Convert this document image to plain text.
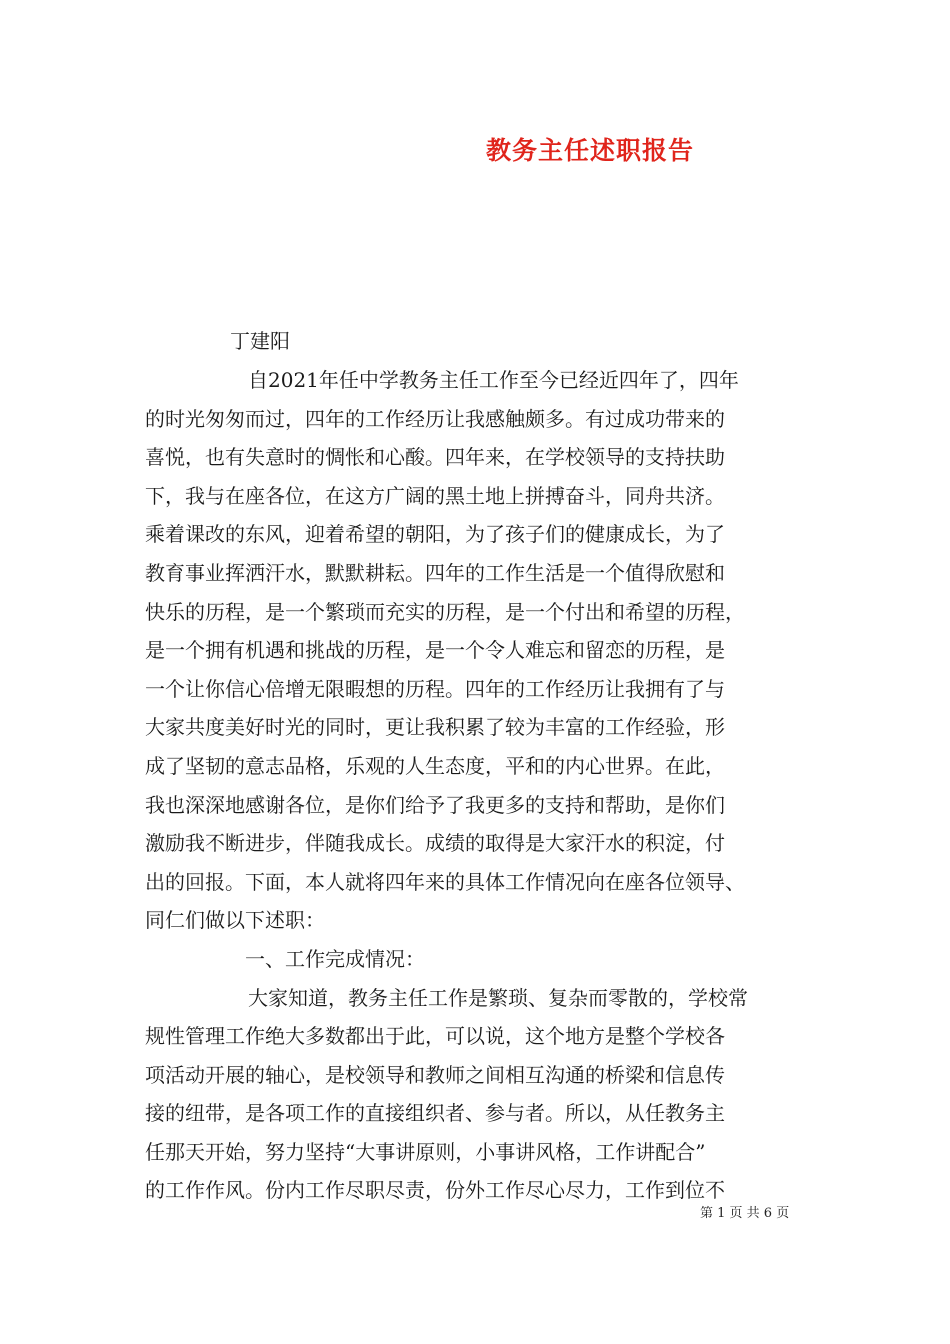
教务主任述职报告
丁建阳
自2021年任中学教务主任工作至今已经近四年了，四年
的时光匆匆而过，四年的工作经历让我感触颇多。有过成功带来的
喜悦，也有失意时的惆怅和心酸。四年来，在学校领导的支持扶助
下，我与在座各位，在这方广阔的黑土地上拼搏奋斗，同舟共济。
乘着课改的东风，迎着希望的朝阳，为了孩子们的健康成长，为了
教育事业挥洒汗水，默默耕耘。四年的工作生活是一个值得欣慰和
快乐的历程，是一个繁琐而充实的历程，是一个付出和希望的历程，
是一个拥有机遇和挑战的历程，是一个令人难忘和留恋的历程，是
一个让你信心倍增无限暇想的历程。四年的工作经历让我拥有了与
大家共度美好时光的同时，更让我积累了较为丰富的工作经验，形
成了坚韧的意志品格，乐观的人生态度，平和的内心世界。在此，
我也深深地感谢各位，是你们给予了我更多的支持和帮助，是你们
激励我不断进步，伴随我成长。成绩的取得是大家汗水的积淀，付
出的回报。下面，本人就将四年来的具体工作情况向在座各位领导、
同仁们做以下述职：
一、工作完成情况：
大家知道，教务主任工作是繁琐、复杂而零散的，学校常
规性管理工作绝大多数都出于此，可以说，这个地方是整个学校各
项活动开展的轴心，是校领导和教师之间相互沟通的桥梁和信息传
接的纽带，是各项工作的直接组织者、参与者。所以，从任教务主
任那天开始，努力坚持“大事讲原则，小事讲风格，工作讲配合”
的工作作风。份内工作尽职尽责，份外工作尽心尽力，工作到位不
第 1 页 共 6 页
